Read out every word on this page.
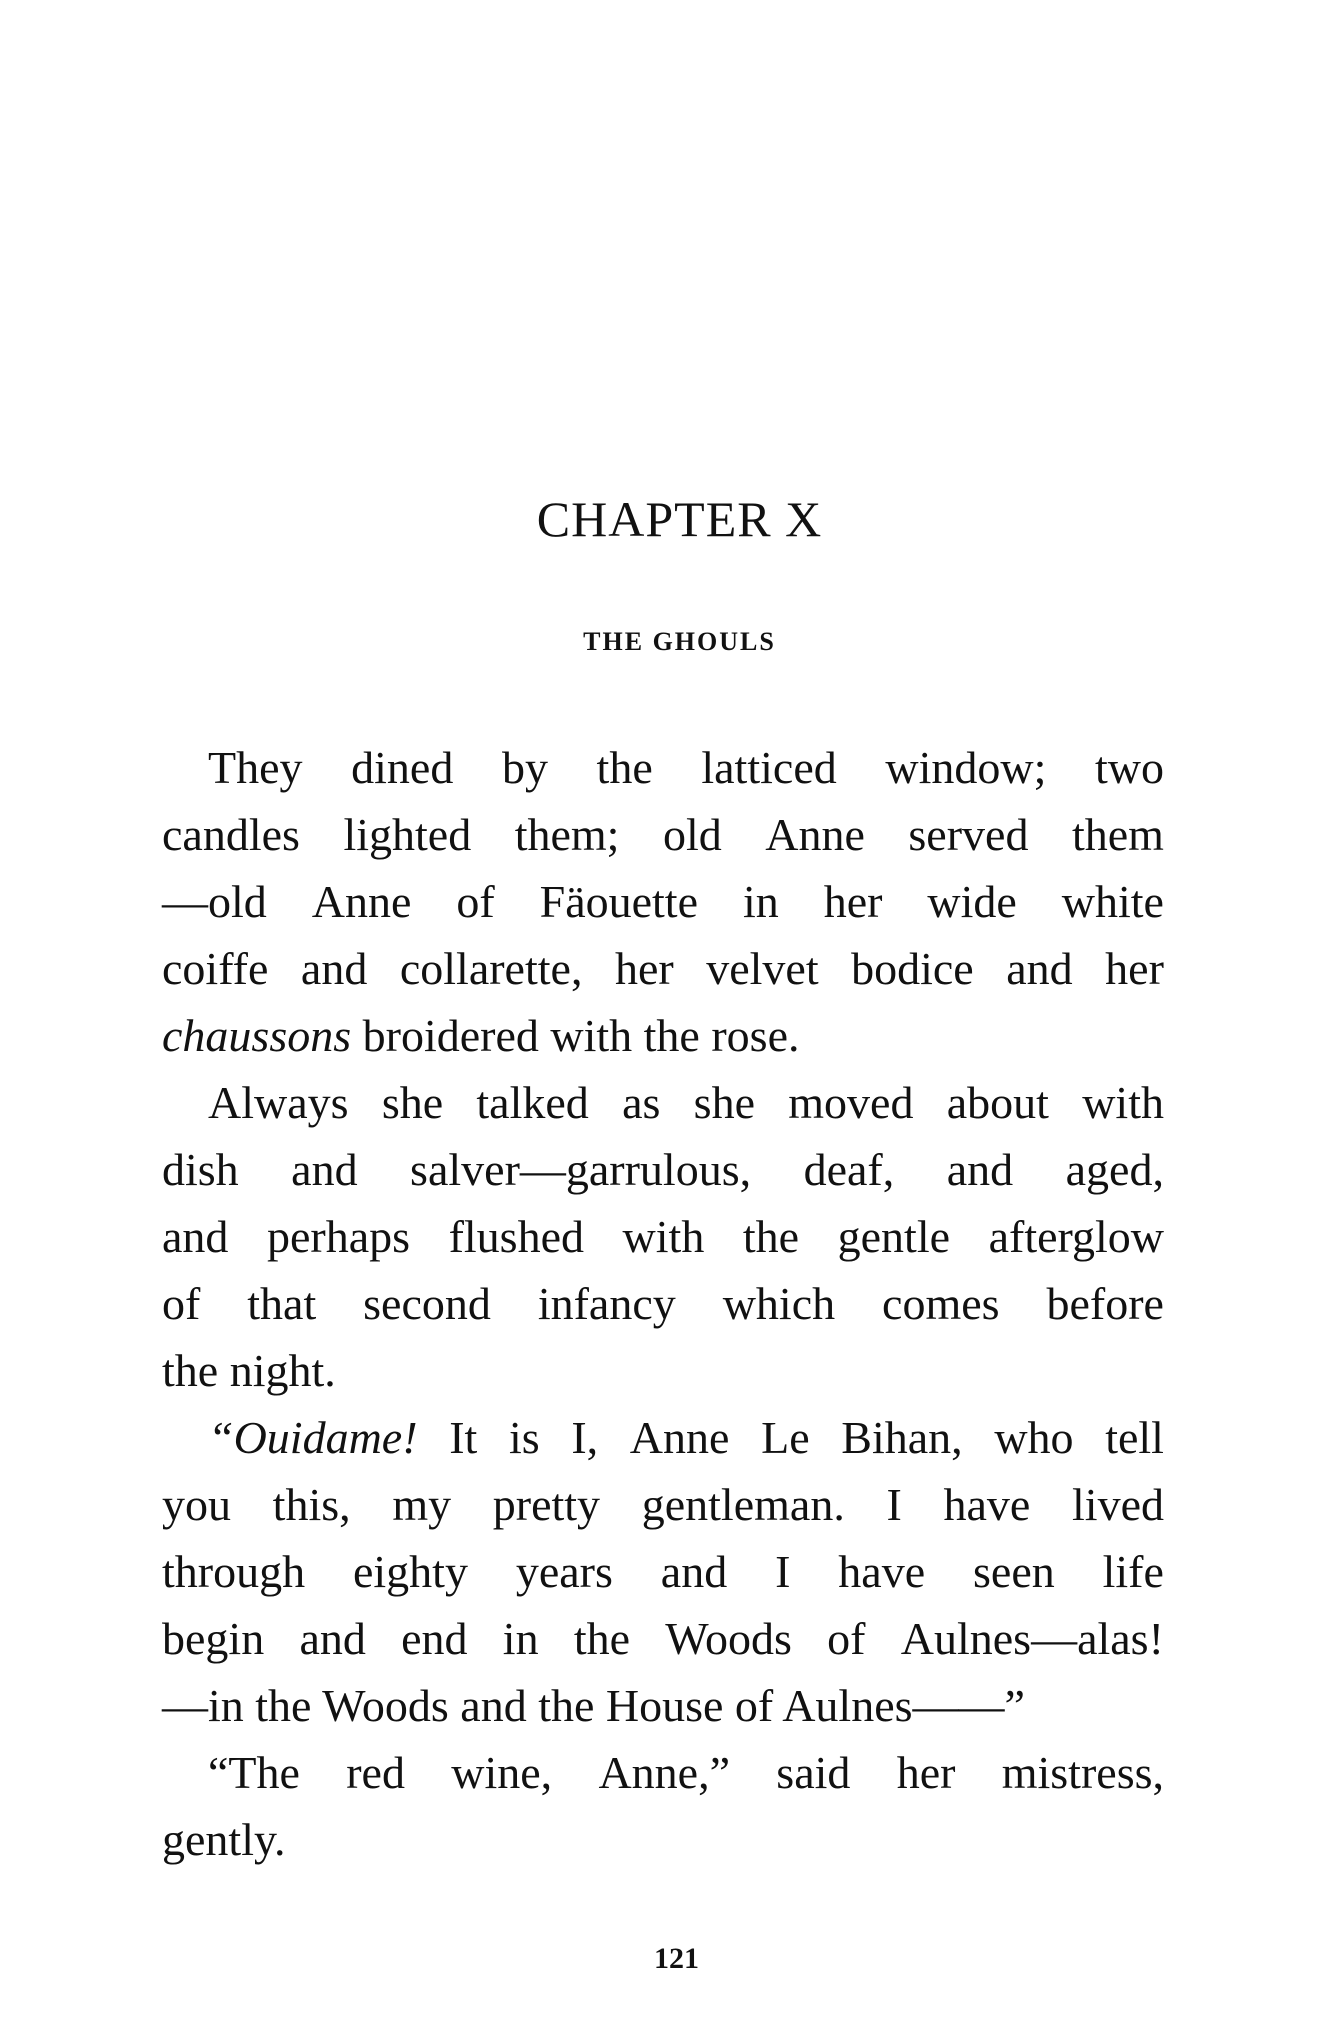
CHAPTER X
THE GHOULS
They dined by the latticed window; two
candles lighted them; old Anne served them
—old Anne of Fäouette in her wide white
coiffe and collarette, her velvet bodice and her
chaussons broidered with the rose.
Always she talked as she moved about with
dish and salver—garrulous, deaf, and aged,
and perhaps flushed with the gentle afterglow
of that second infancy which comes before
the night.
“Ouidame! It is I, Anne Le Bihan, who tell
you this, my pretty gentleman. I have lived
through eighty years and I have seen life
begin and end in the Woods of Aulnes—alas!
—in the Woods and the House of Aulnes——”
“The red wine, Anne,” said her mistress,
gently.
121
